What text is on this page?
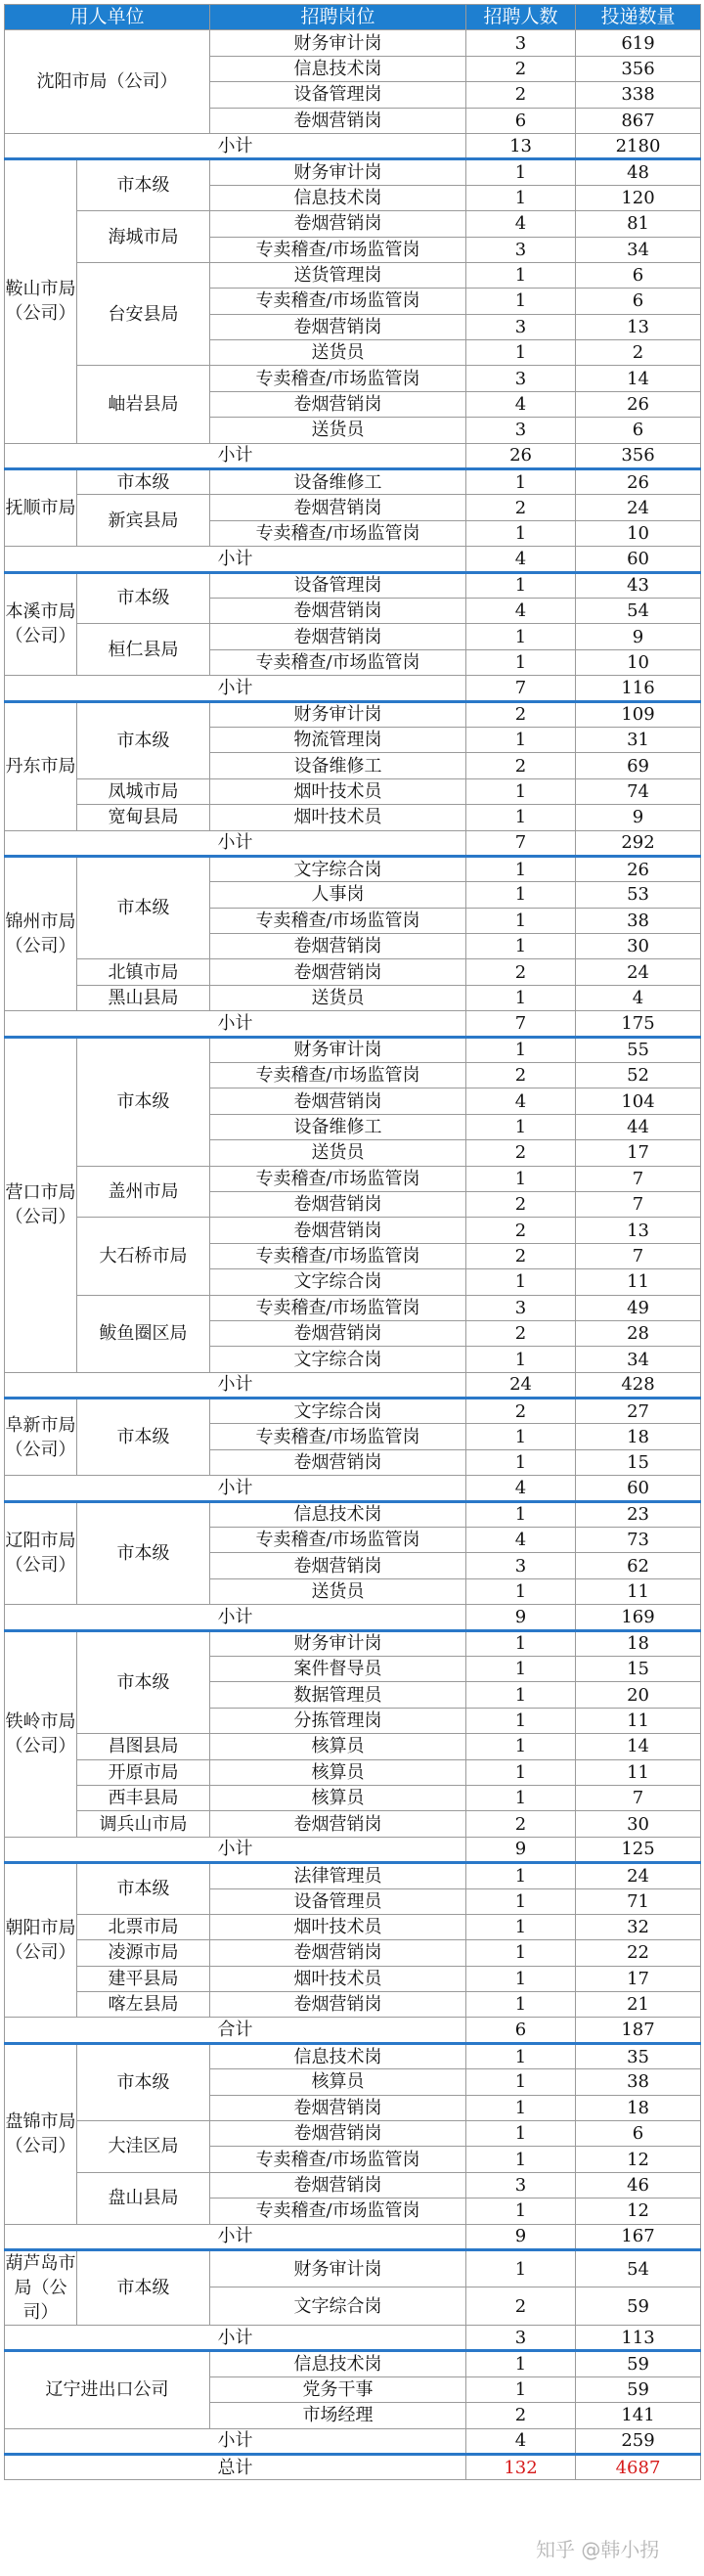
用人单位		招聘岗位	招聘人数	投递数量
沈阳市局（公司）		财务审计岗	3	619
		信息技术岗	2	356
		设备管理岗	2	338
		卷烟营销岗	6	867
小计			13	2180
鞍山市局（公司）	市本级	财务审计岗	1	48
		信息技术岗	1	120
	海城市局	卷烟营销岗	4	81
		专卖稽查/市场监管岗	3	34
	台安县局	送货管理岗	1	6
		专卖稽查/市场监管岗	1	6
		卷烟营销岗	3	13
		送货员	1	2
	岫岩县局	专卖稽查/市场监管岗	3	14
		卷烟营销岗	4	26
		送货员	3	6
小计			26	356
抚顺市局	市本级	设备维修工	1	26
	新宾县局	卷烟营销岗	2	24
		专卖稽查/市场监管岗	1	10
小计			4	60
本溪市局（公司）	市本级	设备管理岗	1	43
		卷烟营销岗	4	54
	桓仁县局	卷烟营销岗	1	9
		专卖稽查/市场监管岗	1	10
小计			7	116
丹东市局	市本级	财务审计岗	2	109
		物流管理岗	1	31
		设备维修工	2	69
	凤城市局	烟叶技术员	1	74
	宽甸县局	烟叶技术员	1	9
小计			7	292
锦州市局（公司）	市本级	文字综合岗	1	26
		人事岗	1	53
		专卖稽查/市场监管岗	1	38
		卷烟营销岗	1	30
	北镇市局	卷烟营销岗	2	24
	黑山县局	送货员	1	4
小计			7	175
营口市局（公司）	市本级	财务审计岗	1	55
		专卖稽查/市场监管岗	2	52
		卷烟营销岗	4	104
		设备维修工	1	44
		送货员	2	17
	盖州市局	专卖稽查/市场监管岗	1	7
		卷烟营销岗	2	7
	大石桥市局	卷烟营销岗	2	13
		专卖稽查/市场监管岗	2	7
		文字综合岗	1	11
	鲅鱼圈区局	专卖稽查/市场监管岗	3	49
		卷烟营销岗	2	28
		文字综合岗	1	34
小计			24	428
阜新市局（公司）	市本级	文字综合岗	2	27
		专卖稽查/市场监管岗	1	18
		卷烟营销岗	1	15
小计			4	60
辽阳市局（公司）	市本级	信息技术岗	1	23
		专卖稽查/市场监管岗	4	73
		卷烟营销岗	3	62
		送货员	1	11
小计			9	169
铁岭市局（公司）	市本级	财务审计岗	1	18
		案件督导员	1	15
		数据管理员	1	20
		分拣管理岗	1	11
	昌图县局	核算员	1	14
	开原市局	核算员	1	11
	西丰县局	核算员	1	7
	调兵山市局	卷烟营销岗	2	30
小计			9	125
朝阳市局（公司）	市本级	法律管理员	1	24
		设备管理员	1	71
	北票市局	烟叶技术员	1	32
	凌源市局	卷烟营销岗	1	22
	建平县局	烟叶技术员	1	17
	喀左县局	卷烟营销岗	1	21
合计			6	187
盘锦市局（公司）	市本级	信息技术岗	1	35
		核算员	1	38
		卷烟营销岗	1	18
	大洼区局	卷烟营销岗	1	6
		专卖稽查/市场监管岗	1	12
	盘山县局	卷烟营销岗	3	46
		专卖稽查/市场监管岗	1	12
小计			9	167
葫芦岛市局（公司）	市本级	财务审计岗	1	54
		文字综合岗	2	59
小计			3	113
辽宁进出口公司		信息技术岗	1	59
		党务干事	1	59
		市场经理	2	141
小计			4	259
总计			132	4687
知乎 @韩小拐
